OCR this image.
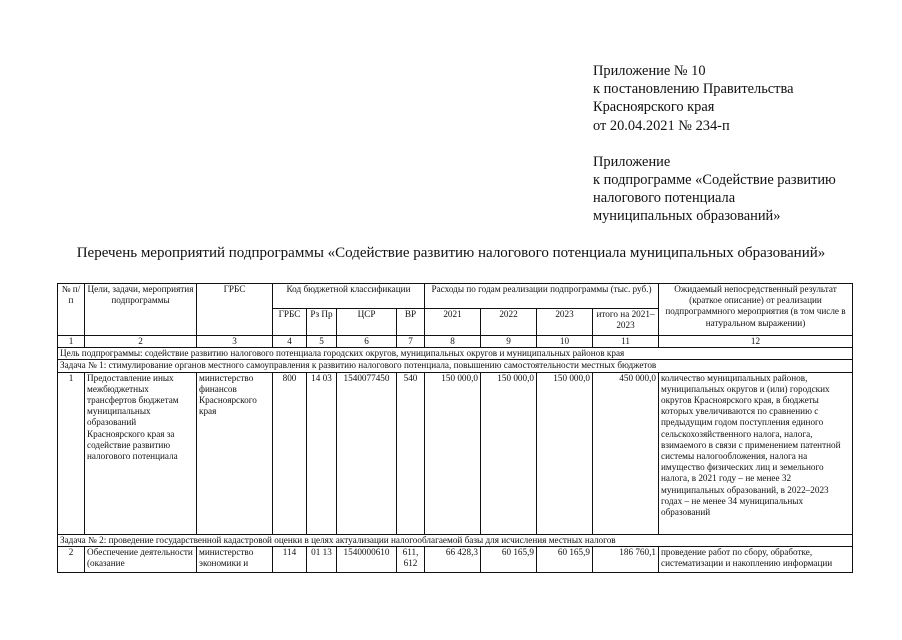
Приложение № 10
к постановлению Правительства
Красноярского края
от 20.04.2021 № 234-п
Приложение
к подпрограмме «Содействие развитию
налогового потенциала
муниципальных образований»
Перечень мероприятий подпрограммы «Содействие развитию налогового потенциала муниципальных образований»
№ п/п	Цели, задачи, мероприятия подпрограммы	ГРБС	Код бюджетной классификации				Расходы по годам реализации подпрограммы (тыс. руб.)				Ожидаемый непосредственный результат (краткое описание) от реализации подпрограммного мероприятия (в том числе в натуральном выражении)
			ГРБС	Рз Пр	ЦСР	ВР	2021	2022	2023	итого на 2021–2023	
1	2	3	4	5	6	7	8	9	10	11	12
Цель подпрограммы: содействие развитию налогового потенциала городских округов, муниципальных округов и муниципальных районов края											
Задача № 1: стимулирование органов местного самоуправления к развитию налогового потенциала, повышению самостоятельности местных бюджетов											
1	Предоставление иных межбюджетных трансфертов бюджетам муниципальных образований Красноярского края за содействие развитию налогового потенциала	министерство финансов Красноярского края	800	14 03	1540077450	540	150 000,0	150 000,0	150 000,0	450 000,0	количество муниципальных районов, муниципальных округов и (или) городских округов Красноярского края, в бюджеты которых увеличиваются по сравнению с предыдущим годом поступления единого сельскохозяйственного налога, налога, взимаемого в связи с применением патентной системы налогообложения, налога на имущество физических лиц и земельного налога, в 2021 году – не менее 32 муниципальных образований, в 2022–2023 годах – не менее 34 муниципальных образований
Задача № 2: проведение государственной кадастровой оценки в целях актуализации налогооблагаемой базы для исчисления местных налогов											
2	Обеспечение деятельности (оказание	министерство экономики и	114	01 13	1540000610	611, 612	66 428,3	60 165,9	60 165,9	186 760,1	проведение работ по сбору, обработке, систематизации и накоплению информации
